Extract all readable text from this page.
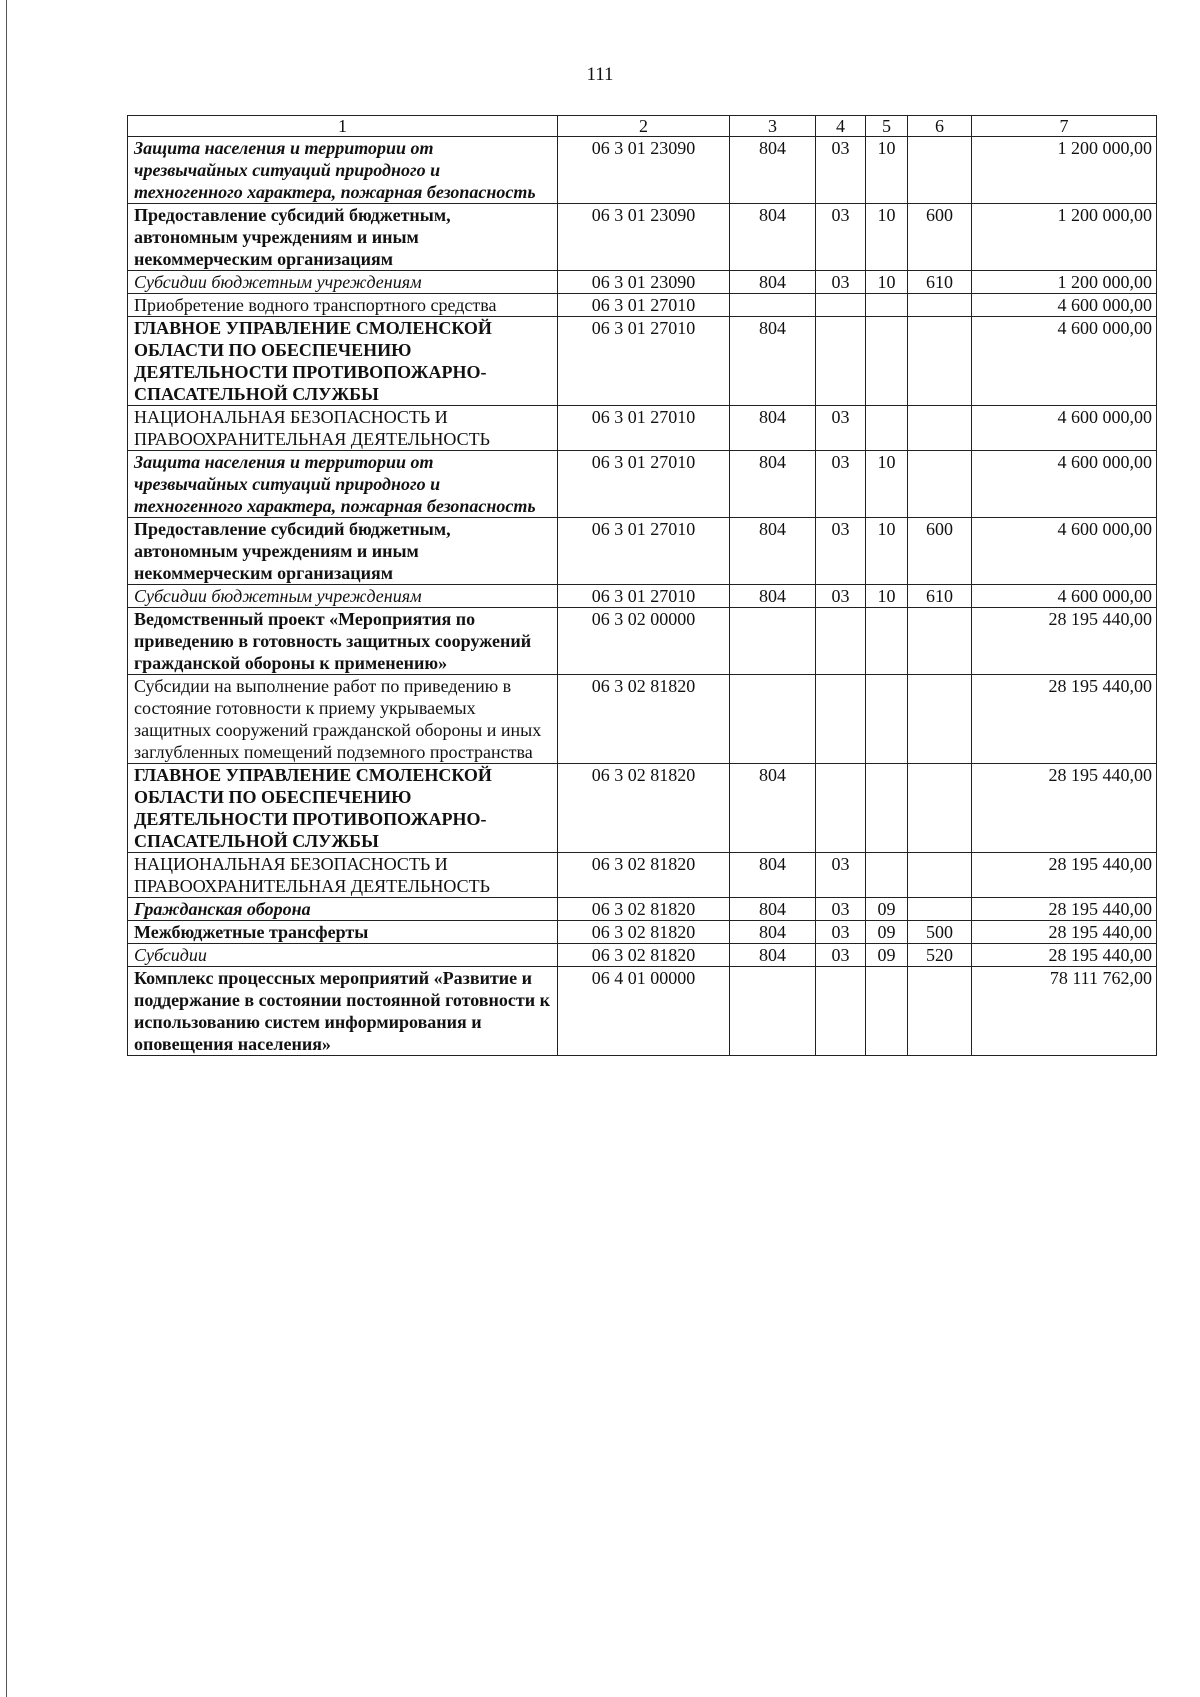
111
1	2	3	4	5	6	7
Защита населения и территории от чрезвычайных ситуаций природного и техногенного характера, пожарная безопасность	06 3 01 23090	804	03	10		1 200 000,00
Предоставление субсидий бюджетным, автономным учреждениям и иным некоммерческим организациям	06 3 01 23090	804	03	10	600	1 200 000,00
Субсидии бюджетным учреждениям	06 3 01 23090	804	03	10	610	1 200 000,00
Приобретение водного транспортного средства	06 3 01 27010					4 600 000,00
ГЛАВНОЕ УПРАВЛЕНИЕ СМОЛЕНСКОЙ ОБЛАСТИ ПО ОБЕСПЕЧЕНИЮ ДЕЯТЕЛЬНОСТИ ПРОТИВОПОЖАРНО-СПАСАТЕЛЬНОЙ СЛУЖБЫ	06 3 01 27010	804				4 600 000,00
НАЦИОНАЛЬНАЯ БЕЗОПАСНОСТЬ И ПРАВООХРАНИТЕЛЬНАЯ ДЕЯТЕЛЬНОСТЬ	06 3 01 27010	804	03			4 600 000,00
Защита населения и территории от чрезвычайных ситуаций природного и техногенного характера, пожарная безопасность	06 3 01 27010	804	03	10		4 600 000,00
Предоставление субсидий бюджетным, автономным учреждениям и иным некоммерческим организациям	06 3 01 27010	804	03	10	600	4 600 000,00
Субсидии бюджетным учреждениям	06 3 01 27010	804	03	10	610	4 600 000,00
Ведомственный проект «Мероприятия по приведению в готовность защитных сооружений гражданской обороны к применению»	06 3 02 00000					28 195 440,00
Субсидии на выполнение работ по приведению в состояние готовности к приему укрываемых защитных сооружений гражданской обороны и иных заглубленных помещений подземного пространства	06 3 02 81820					28 195 440,00
ГЛАВНОЕ УПРАВЛЕНИЕ СМОЛЕНСКОЙ ОБЛАСТИ ПО ОБЕСПЕЧЕНИЮ ДЕЯТЕЛЬНОСТИ ПРОТИВОПОЖАРНО-СПАСАТЕЛЬНОЙ СЛУЖБЫ	06 3 02 81820	804				28 195 440,00
НАЦИОНАЛЬНАЯ БЕЗОПАСНОСТЬ И ПРАВООХРАНИТЕЛЬНАЯ ДЕЯТЕЛЬНОСТЬ	06 3 02 81820	804	03			28 195 440,00
Гражданская оборона	06 3 02 81820	804	03	09		28 195 440,00
Межбюджетные трансферты	06 3 02 81820	804	03	09	500	28 195 440,00
Субсидии	06 3 02 81820	804	03	09	520	28 195 440,00
Комплекс процессных мероприятий «Развитие и поддержание в состоянии постоянной готовности к использованию систем информирования и оповещения населения»	06 4 01 00000					78 111 762,00
